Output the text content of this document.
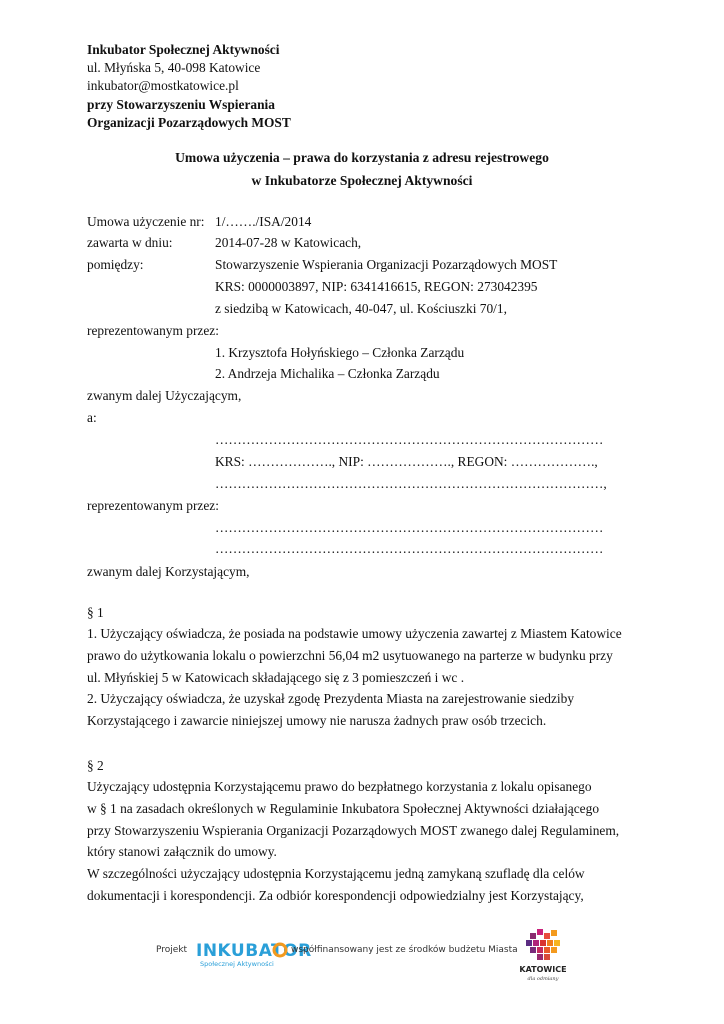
Inkubator Społecznej Aktywności
ul. Młyńska 5, 40-098 Katowice
inkubator@mostkatowice.pl
przy Stowarzyszeniu Wspierania
Organizacji Pozarządowych MOST
Umowa użyczenia – prawa do korzystania z adresu rejestrowego
w Inkubatorze Społecznej Aktywności
Umowa użyczenie nr: 1/……./ISA/2014
zawarta w dniu:	2014-07-28 w Katowicach,
pomiędzy:	Stowarzyszenie Wspierania Organizacji Pozarządowych MOST
KRS: 0000003897, NIP: 6341416615, REGON: 273042395
z siedzibą w Katowicach, 40-047, ul. Kościuszki 70/1,
reprezentowanym przez:
1. Krzysztofa Hołyńskiego – Członka Zarządu
2. Andrzeja Michalika – Członka Zarządu
zwanym dalej Użyczającym,
a:
……………………………………………………………………………
KRS: ………………., NIP: ………………., REGON: ……………….,
……………………………………………………………………………,
reprezentowanym przez:
……………………………………………………………………………
……………………………………………………………………………
zwanym dalej Korzystającym,
§ 1
1. Użyczający oświadcza, że posiada na podstawie umowy użyczenia zawartej z Miastem Katowice
prawo do użytkowania lokalu o powierzchni 56,04 m2 usytuowanego na parterze w budynku przy
ul. Młyńskiej 5 w Katowicach składającego się z 3 pomieszczeń i wc .
2. Użyczający oświadcza, że uzyskał zgodę Prezydenta Miasta na zarejestrowanie siedziby
Korzystającego i zawarcie niniejszej umowy nie narusza żadnych praw osób trzecich.
§ 2
Użyczający udostępnia Korzystającemu prawo do bezpłatnego korzystania z lokalu opisanego
w § 1 na zasadach określonych w Regulaminie Inkubatora Społecznej Aktywności działającego
przy Stowarzyszeniu Wspierania Organizacji Pozarządowych MOST zwanego dalej Regulaminem,
który stanowi załącznik do umowy.
W szczególności użyczający udostępnia Korzystającemu jedną zamykaną szufladę dla celów
dokumentacji i korespondencji. Za odbiór korespondencji odpowiedzialny jest Korzystający,
Projekt INKUBATOR
Społecznej Aktywności
współfinansowany jest ze środków budżetu Miasta
KATOWICE
dla odmiany
